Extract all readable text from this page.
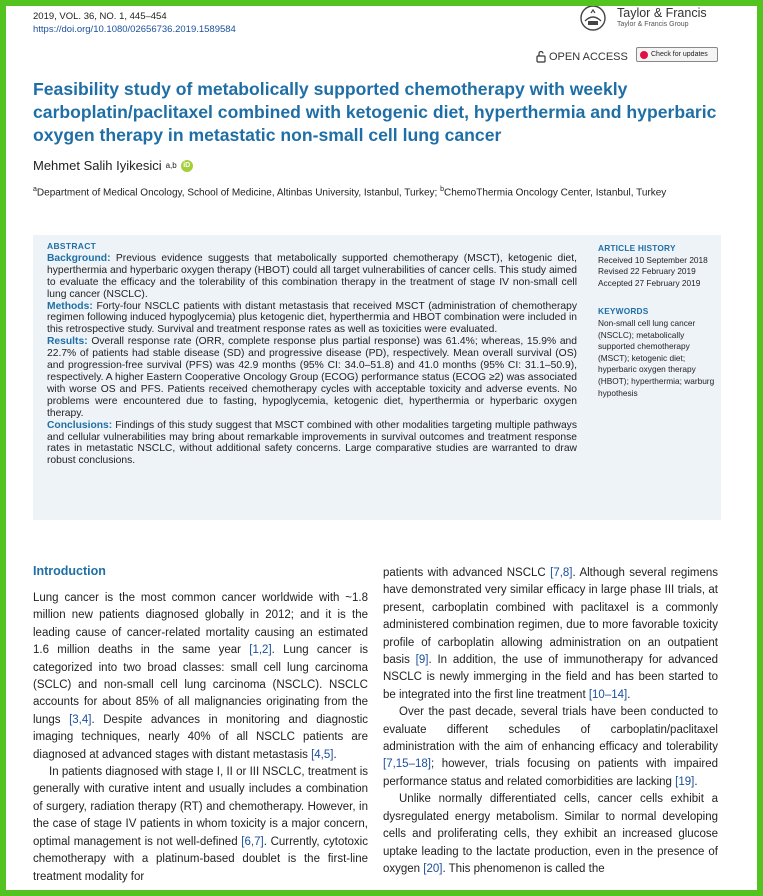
2019, VOL. 36, NO. 1, 445–454
https://doi.org/10.1080/02656736.2019.1589584
Taylor & Francis
Taylor & Francis Group
OPEN ACCESS	Check for updates
Feasibility study of metabolically supported chemotherapy with weekly carboplatin/paclitaxel combined with ketogenic diet, hyperthermia and hyperbaric oxygen therapy in metastatic non-small cell lung cancer
Mehmet Salih Iyikesici a,b iD
$^a$Department of Medical Oncology, School of Medicine, Altinbas University, Istanbul, Turkey; $^b$ChemoThermia Oncology Center, Istanbul, Turkey
ABSTRACT
Background: Previous evidence suggests that metabolically supported chemotherapy (MSCT), ketogenic diet, hyperthermia and hyperbaric oxygen therapy (HBOT) could all target vulnerabilities of cancer cells. This study aimed to evaluate the efficacy and the tolerability of this combination therapy in the treatment of stage IV non-small cell lung cancer (NSCLC).
Methods: Forty-four NSCLC patients with distant metastasis that received MSCT (administration of chemotherapy regimen following induced hypoglycemia) plus ketogenic diet, hyperthermia and HBOT combination were included in this retrospective study. Survival and treatment response rates as well as toxicities were evaluated.
Results: Overall response rate (ORR, complete response plus partial response) was 61.4%; whereas, 15.9% and 22.7% of patients had stable disease (SD) and progressive disease (PD), respectively. Mean overall survival (OS) and progression-free survival (PFS) was 42.9 months (95% CI: 34.0–51.8) and 41.0 months (95% CI: 31.1–50.9), respectively. A higher Eastern Cooperative Oncology Group (ECOG) performance status (ECOG ≥2) was associated with worse OS and PFS. Patients received chemotherapy cycles with acceptable toxicity and adverse events. No problems were encountered due to fasting, hypoglycemia, ketogenic diet, hyperthermia or hyperbaric oxygen therapy.
Conclusions: Findings of this study suggest that MSCT combined with other modalities targeting multiple pathways and cellular vulnerabilities may bring about remarkable improvements in survival outcomes and treatment response rates in metastatic NSCLC, without additional safety concerns. Large comparative studies are warranted to draw robust conclusions.
ARTICLE HISTORY
Received 10 September 2018
Revised 22 February 2019
Accepted 27 February 2019
KEYWORDS
Non-small cell lung cancer (NSCLC); metabolically supported chemotherapy (MSCT); ketogenic diet; hyperbaric oxygen therapy (HBOT); hyperthermia; warburg hypothesis
Introduction

Lung cancer is the most common cancer worldwide with ~1.8 million new patients diagnosed globally in 2012; and it is the leading cause of cancer-related mortality causing an estimated 1.6 million deaths in the same year [1,2]. Lung cancer is categorized into two broad classes: small cell lung carcinoma (SCLC) and non-small cell lung carcinoma (NSCLC). NSCLC accounts for about 85% of all malignancies originating from the lungs [3,4]. Despite advances in monitoring and diagnostic imaging techniques, nearly 40% of all NSCLC patients are diagnosed at advanced stages with distant metastasis [4,5].

In patients diagnosed with stage I, II or III NSCLC, treatment is generally with curative intent and usually includes a combination of surgery, radiation therapy (RT) and chemotherapy. However, in the case of stage IV patients in whom toxicity is a major concern, optimal management is not well-defined [6,7]. Currently, cytotoxic chemotherapy with a platinum-based doublet is the first-line treatment modality for

patients with advanced NSCLC [7,8]. Although several regimens have demonstrated very similar efficacy in large phase III trials, at present, carboplatin combined with paclitaxel is a commonly administered combination regimen, due to more favorable toxicity profile of carboplatin allowing administration on an outpatient basis [9]. In addition, the use of immunotherapy for advanced NSCLC is newly immerging in the field and has been started to be integrated into the first line treatment [10–14].

Over the past decade, several trials have been conducted to evaluate different schedules of carboplatin/paclitaxel administration with the aim of enhancing efficacy and tolerability [7,15–18]; however, trials focusing on patients with impaired performance status and related comorbidities are lacking [19].

Unlike normally differentiated cells, cancer cells exhibit a dysregulated energy metabolism. Similar to normal developing cells and proliferating cells, they exhibit an increased glucose uptake leading to the lactate production, even in the presence of oxygen [20]. This phenomenon is called the
